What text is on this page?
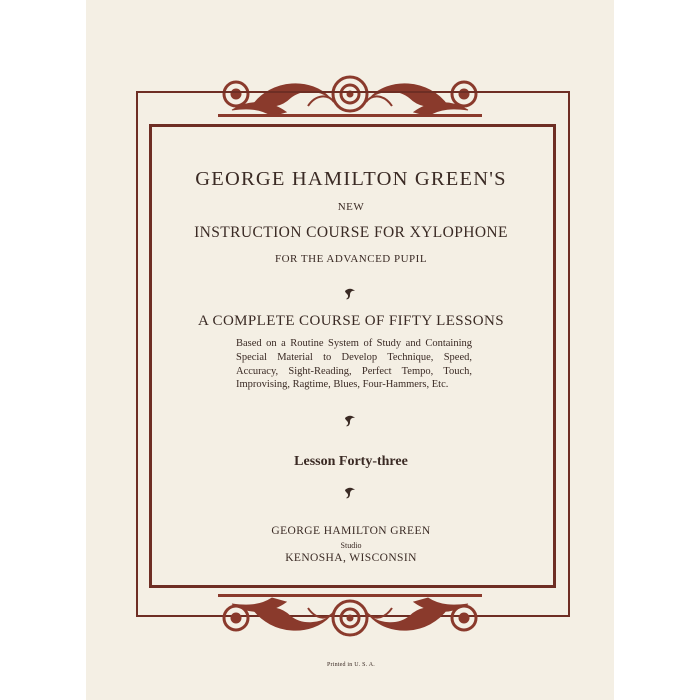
GEORGE HAMILTON GREEN'S
NEW
INSTRUCTION COURSE FOR XYLOPHONE
FOR THE ADVANCED PUPIL
A COMPLETE COURSE OF FIFTY LESSONS
Based on a Routine System of Study and Containing Special Material to Develop Technique, Speed, Accuracy, Sight-Reading, Perfect Tempo, Touch, Improvising, Ragtime, Blues, Four-Hammers, Etc.
Lesson Forty-three
GEORGE HAMILTON GREEN
Studio
KENOSHA, WISCONSIN
Printed in U. S. A.
